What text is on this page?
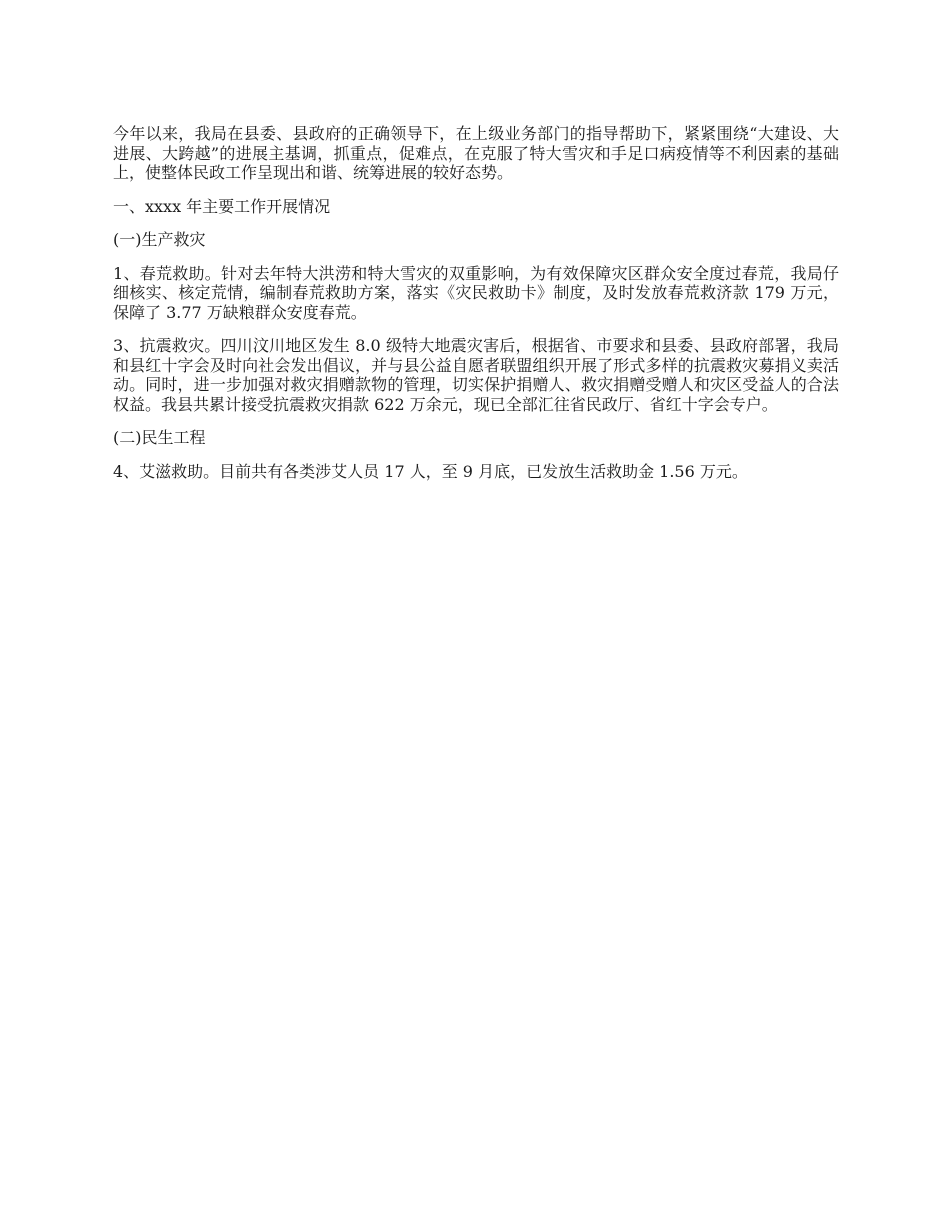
今年以来，我局在县委、县政府的正确领导下，在上级业务部门的指导帮助下，紧紧围绕“大建设、大进展、大跨越”的进展主基调，抓重点，促难点，在克服了特大雪灾和手足口病疫情等不利因素的基础上，使整体民政工作呈现出和谐、统筹进展的较好态势。

一、xxxx 年主要工作开展情况

(一)生产救灾

1、春荒救助。针对去年特大洪涝和特大雪灾的双重影响，为有效保障灾区群众安全度过春荒，我局仔细核实、核定荒情，编制春荒救助方案，落实《灾民救助卡》制度，及时发放春荒救济款 179 万元，保障了 3.77 万缺粮群众安度春荒。

3、抗震救灾。四川汶川地区发生 8.0 级特大地震灾害后，根据省、市要求和县委、县政府部署，我局和县红十字会及时向社会发出倡议，并与县公益自愿者联盟组织开展了形式多样的抗震救灾募捐义卖活动。同时，进一步加强对救灾捐赠款物的管理，切实保护捐赠人、救灾捐赠受赠人和灾区受益人的合法权益。我县共累计接受抗震救灾捐款 622 万余元，现已全部汇往省民政厅、省红十字会专户。

(二)民生工程

4、艾滋救助。目前共有各类涉艾人员 17 人，至 9 月底，已发放生活救助金 1.56 万元。
